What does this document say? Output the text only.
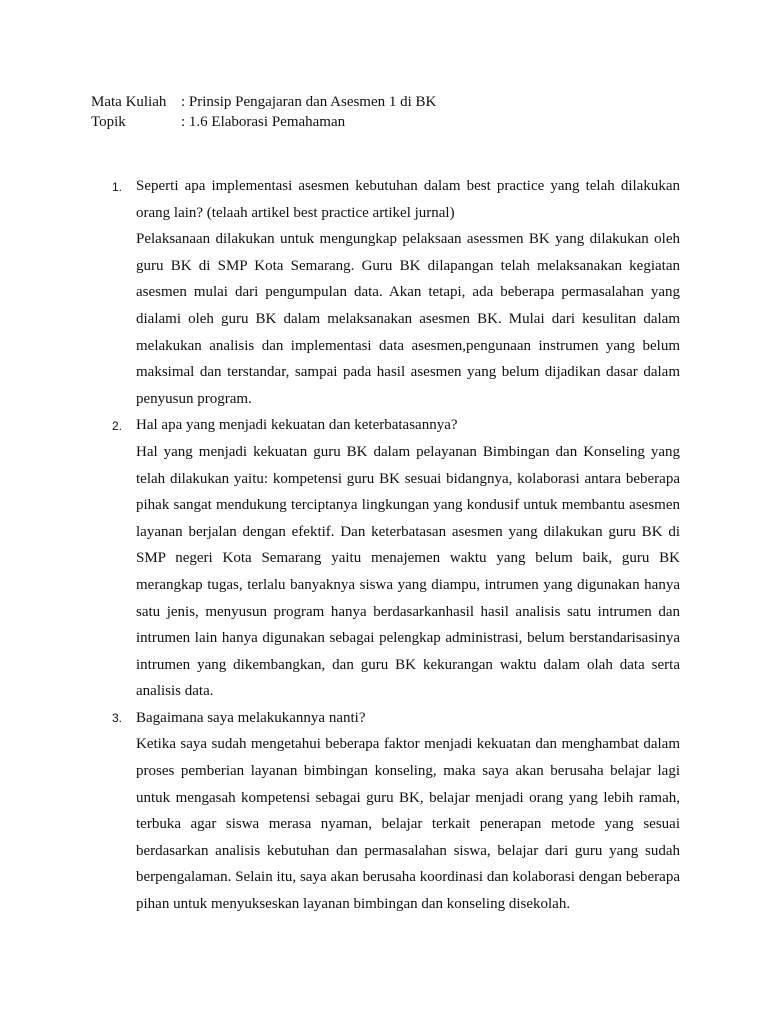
Mata Kuliah : Prinsip Pengajaran dan Asesmen 1 di BK
Topik	: 1.6 Elaborasi Pemahaman
1. Seperti apa implementasi asesmen kebutuhan dalam best practice yang telah dilakukan orang lain? (telaah artikel best practice artikel jurnal)

Pelaksanaan dilakukan untuk mengungkap pelaksaan asessmen BK yang dilakukan oleh guru BK di SMP Kota Semarang. Guru BK dilapangan telah melaksanakan kegiatan asesmen mulai dari pengumpulan data. Akan tetapi, ada beberapa permasalahan yang dialami oleh guru BK dalam melaksanakan asesmen BK. Mulai dari kesulitan dalam melakukan analisis dan implementasi data asesmen,pengunaan instrumen yang belum maksimal dan terstandar, sampai pada hasil asesmen yang belum dijadikan dasar dalam penyusun program.

2. Hal apa yang menjadi kekuatan dan keterbatasannya?

Hal yang menjadi kekuatan guru BK dalam pelayanan Bimbingan dan Konseling yang telah dilakukan yaitu: kompetensi guru BK sesuai bidangnya, kolaborasi antara beberapa pihak sangat mendukung terciptanya lingkungan yang kondusif untuk membantu asesmen layanan berjalan dengan efektif. Dan keterbatasan asesmen yang dilakukan guru BK di SMP negeri Kota Semarang yaitu menajemen waktu yang belum baik, guru BK merangkap tugas, terlalu banyaknya siswa yang diampu, intrumen yang digunakan hanya satu jenis, menyusun program hanya berdasarkanhasil hasil analisis satu intrumen dan intrumen lain hanya digunakan sebagai pelengkap administrasi, belum berstandarisasinya intrumen yang dikembangkan, dan guru BK kekurangan waktu dalam olah data serta analisis data.

3. Bagaimana saya melakukannya nanti?

Ketika saya sudah mengetahui beberapa faktor menjadi kekuatan dan menghambat dalam proses pemberian layanan bimbingan konseling, maka saya akan berusaha belajar lagi untuk mengasah kompetensi sebagai guru BK, belajar menjadi orang yang lebih ramah, terbuka agar siswa merasa nyaman, belajar terkait penerapan metode yang sesuai berdasarkan analisis kebutuhan dan permasalahan siswa, belajar dari guru yang sudah berpengalaman. Selain itu, saya akan berusaha koordinasi dan kolaborasi dengan beberapa pihan untuk menyukseskan layanan bimbingan dan konseling disekolah.
